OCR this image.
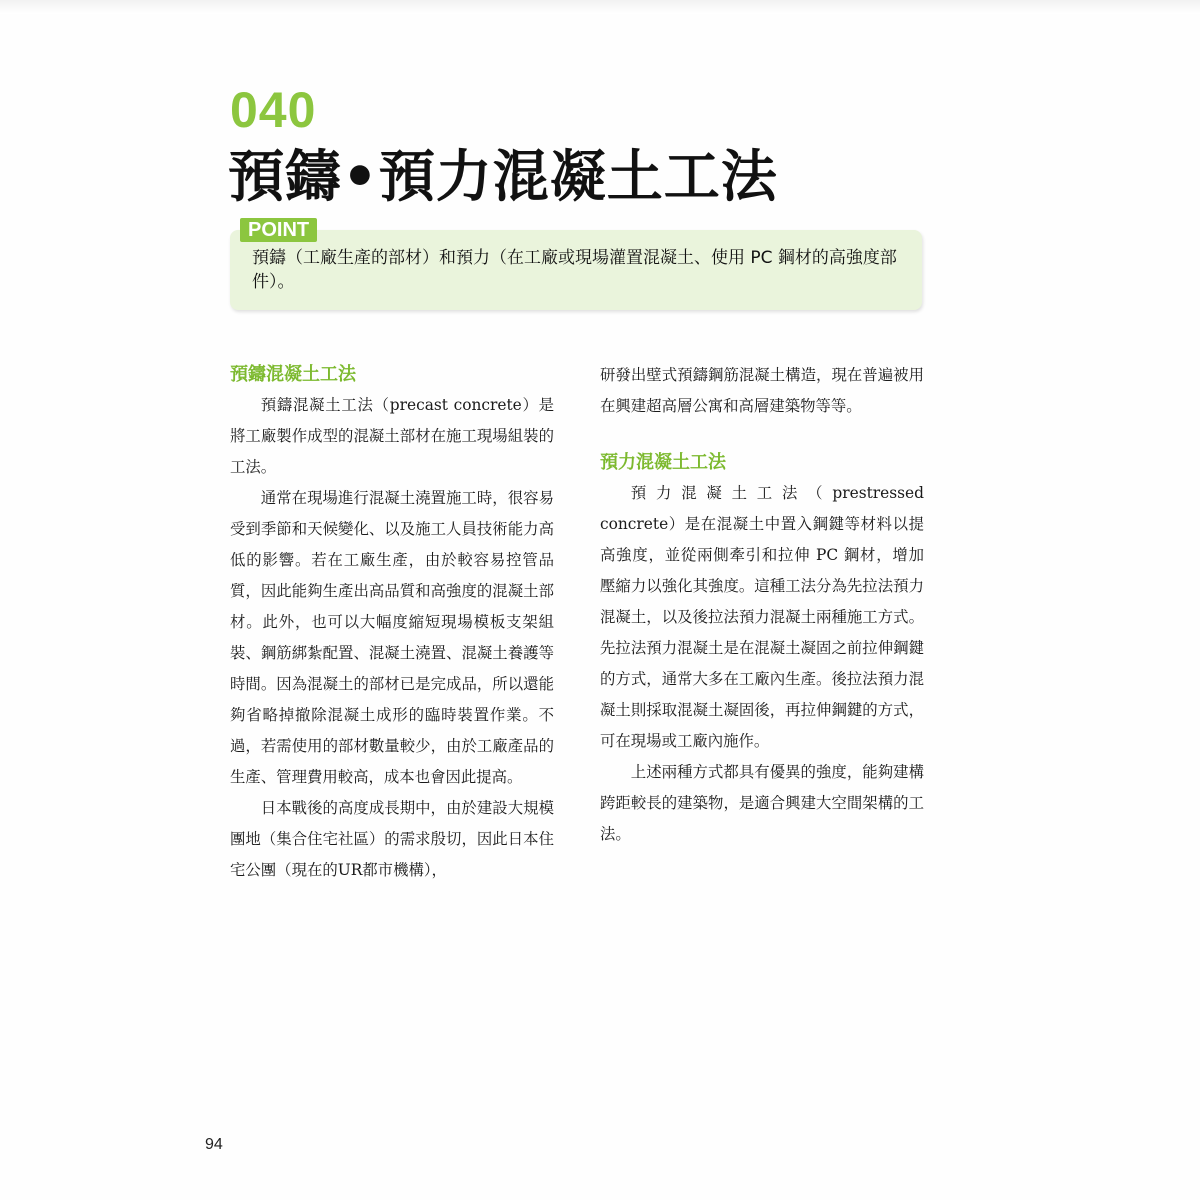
040
預鑄•預力混凝土工法
POINT
預鑄（工廠生產的部材）和預力（在工廠或現場灌置混凝土、使用 PC 鋼材的高強度部件）。
預鑄混凝土工法

預鑄混凝土工法（precast concrete）是將工廠製作成型的混凝土部材在施工現場組裝的工法。

通常在現場進行混凝土澆置施工時，很容易受到季節和天候變化、以及施工人員技術能力高低的影響。若在工廠生產，由於較容易控管品質，因此能夠生產出高品質和高強度的混凝土部材。此外，也可以大幅度縮短現場模板支架組裝、鋼筋綁紮配置、混凝土澆置、混凝土養護等時間。因為混凝土的部材已是完成品，所以還能夠省略掉撤除混凝土成形的臨時裝置作業。不過，若需使用的部材數量較少，由於工廠產品的生產、管理費用較高，成本也會因此提高。

日本戰後的高度成長期中，由於建設大規模團地（集合住宅社區）的需求殷切，因此日本住宅公團（現在的UR都市機構），

研發出壁式預鑄鋼筋混凝土構造，現在普遍被用在興建超高層公寓和高層建築物等等。

預力混凝土工法

預力混凝土工法（prestressed concrete）是在混凝土中置入鋼鍵等材料以提高強度，並從兩側牽引和拉伸 PC 鋼材，增加壓縮力以強化其強度。這種工法分為先拉法預力混凝土，以及後拉法預力混凝土兩種施工方式。先拉法預力混凝土是在混凝土凝固之前拉伸鋼鍵的方式，通常大多在工廠內生產。後拉法預力混凝土則採取混凝土凝固後，再拉伸鋼鍵的方式，可在現場或工廠內施作。

上述兩種方式都具有優異的強度，能夠建構跨距較長的建築物，是適合興建大空間架構的工法。

94
